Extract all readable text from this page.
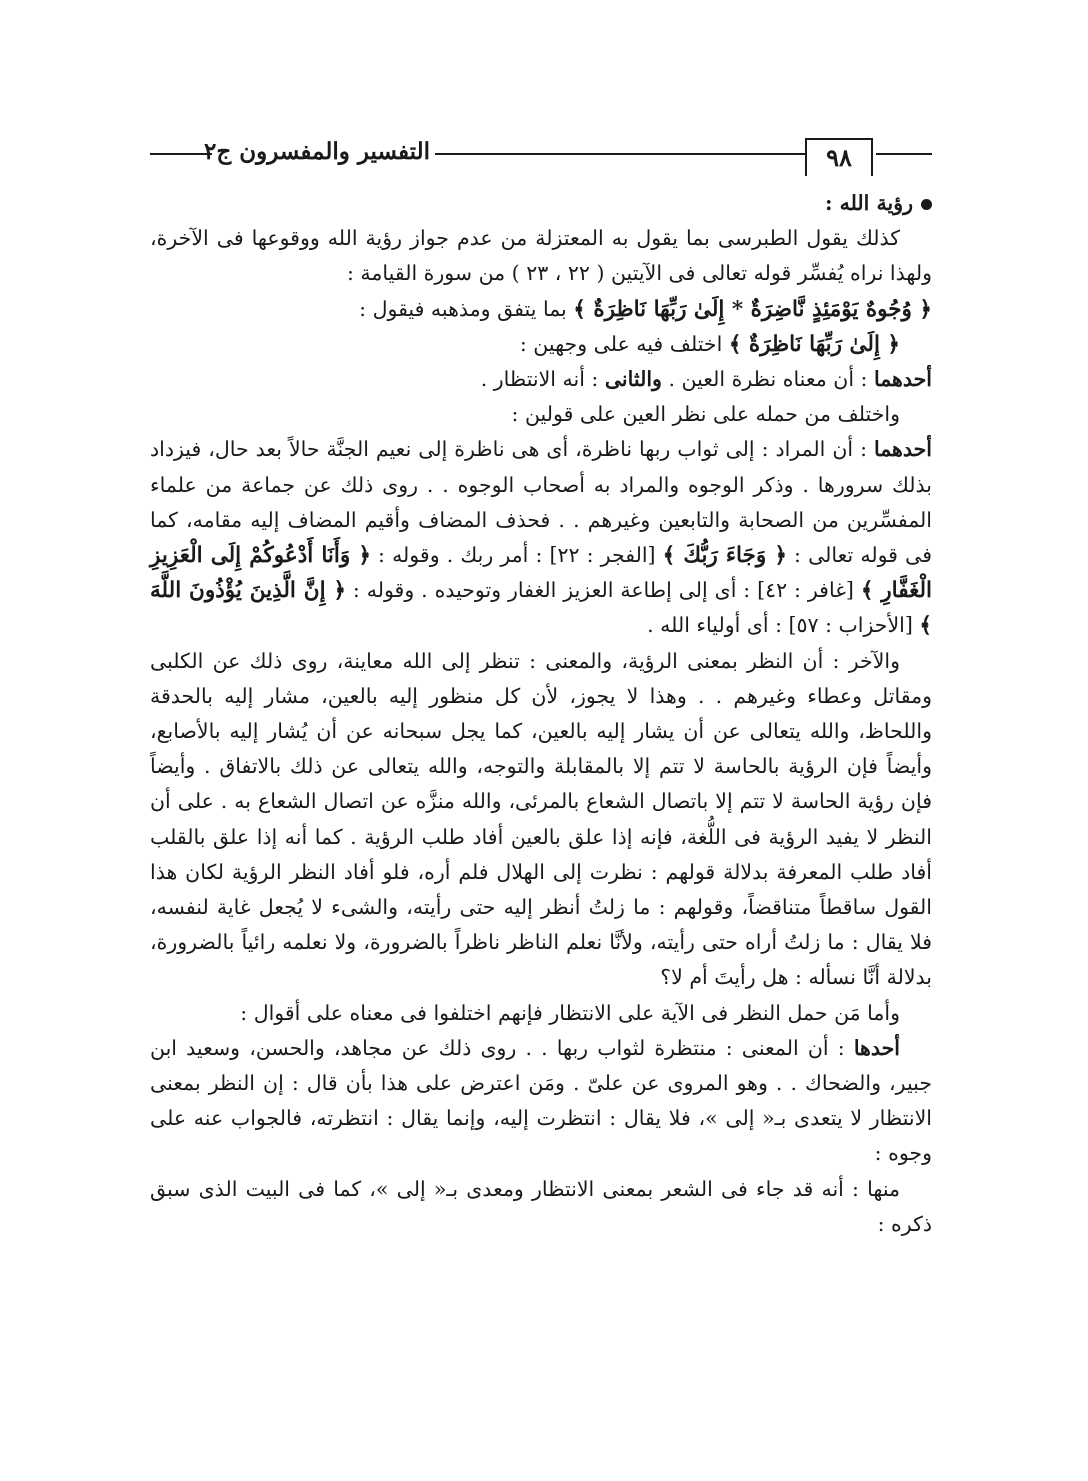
التفسير والمفسرون ج٢	٩٨

رؤية الله :

كذلك يقول الطبرسى بما يقول به المعتزلة من عدم جواز رؤية الله ووقوعها فى الآخرة، ولهذا نراه يُفسِّر قوله تعالى فى الآيتين ( ٢٢ ، ٢٣ ) من سورة القيامة :

﴿ وُجُوهٌ يَوْمَئِذٍ نَّاضِرَةٌ * إِلَىٰ رَبِّهَا نَاظِرَةٌ ﴾ بما يتفق ومذهبه فيقول :

﴿ إِلَىٰ رَبِّهَا نَاظِرَةٌ ﴾ اختلف فيه على وجهين :

أحدهما : أن معناه نظرة العين . والثانى : أنه الانتظار .

واختلف من حمله على نظر العين على قولين :

أحدهما : أن المراد : إلى ثواب ربها ناظرة، أى هى ناظرة إلى نعيم الجنَّة حالاً بعد حال، فيزداد بذلك سرورها . وذكر الوجوه والمراد به أصحاب الوجوه . . روى ذلك عن جماعة من علماء المفسِّرين من الصحابة والتابعين وغيرهم . . فحذف المضاف وأقيم المضاف إليه مقامه، كما فى قوله تعالى : ﴿ وَجَاءَ رَبُّكَ ﴾ [الفجر : ٢٢] : أمر ربك . وقوله : ﴿ وَأَنَا أَدْعُوكُمْ إِلَى الْعَزِيزِ الْغَفَّارِ ﴾ [غافر : ٤٢] : أى إلى إطاعة العزيز الغفار وتوحيده . وقوله : ﴿ إِنَّ الَّذِينَ يُؤْذُونَ اللَّهَ ﴾ [الأحزاب : ٥٧] : أى أولياء الله .

والآخر : أن النظر بمعنى الرؤية، والمعنى : تنظر إلى الله معاينة، روى ذلك عن الكلبى ومقاتل وعطاء وغيرهم . . وهذا لا يجوز، لأن كل منظور إليه بالعين، مشار إليه بالحدقة واللحاظ، والله يتعالى عن أن يشار إليه بالعين، كما يجل سبحانه عن أن يُشار إليه بالأصابع، وأيضاً فإن الرؤية بالحاسة لا تتم إلا بالمقابلة والتوجه، والله يتعالى عن ذلك بالاتفاق . وأيضاً فإن رؤية الحاسة لا تتم إلا باتصال الشعاع بالمرئى، والله منزَّه عن اتصال الشعاع به . على أن النظر لا يفيد الرؤية فى اللُّغة، فإنه إذا علق بالعين أفاد طلب الرؤية . كما أنه إذا علق بالقلب أفاد طلب المعرفة بدلالة قولهم : نظرت إلى الهلال فلم أره، فلو أفاد النظر الرؤية لكان هذا القول ساقطاً متناقضاً، وقولهم : ما زلتُ أنظر إليه حتى رأيته، والشىء لا يُجعل غاية لنفسه، فلا يقال : ما زلتُ أراه حتى رأيته، ولأنَّا نعلم الناظر ناظراً بالضرورة، ولا نعلمه رائياً بالضرورة، بدلالة أنَّا نسأله : هل رأيتَ أم لا؟

وأما مَن حمل النظر فى الآية على الانتظار فإنهم اختلفوا فى معناه على أقوال :

أحدها : أن المعنى : منتظرة لثواب ربها . . روى ذلك عن مجاهد، والحسن، وسعيد ابن جبير، والضحاك . . وهو المروى عن علىّ . ومَن اعترض على هذا بأن قال : إن النظر بمعنى الانتظار لا يتعدى بـ« إلى »، فلا يقال : انتظرت إليه، وإنما يقال : انتظرته، فالجواب عنه على وجوه :

منها : أنه قد جاء فى الشعر بمعنى الانتظار ومعدى بـ« إلى »، كما فى البيت الذى سبق ذكره :
